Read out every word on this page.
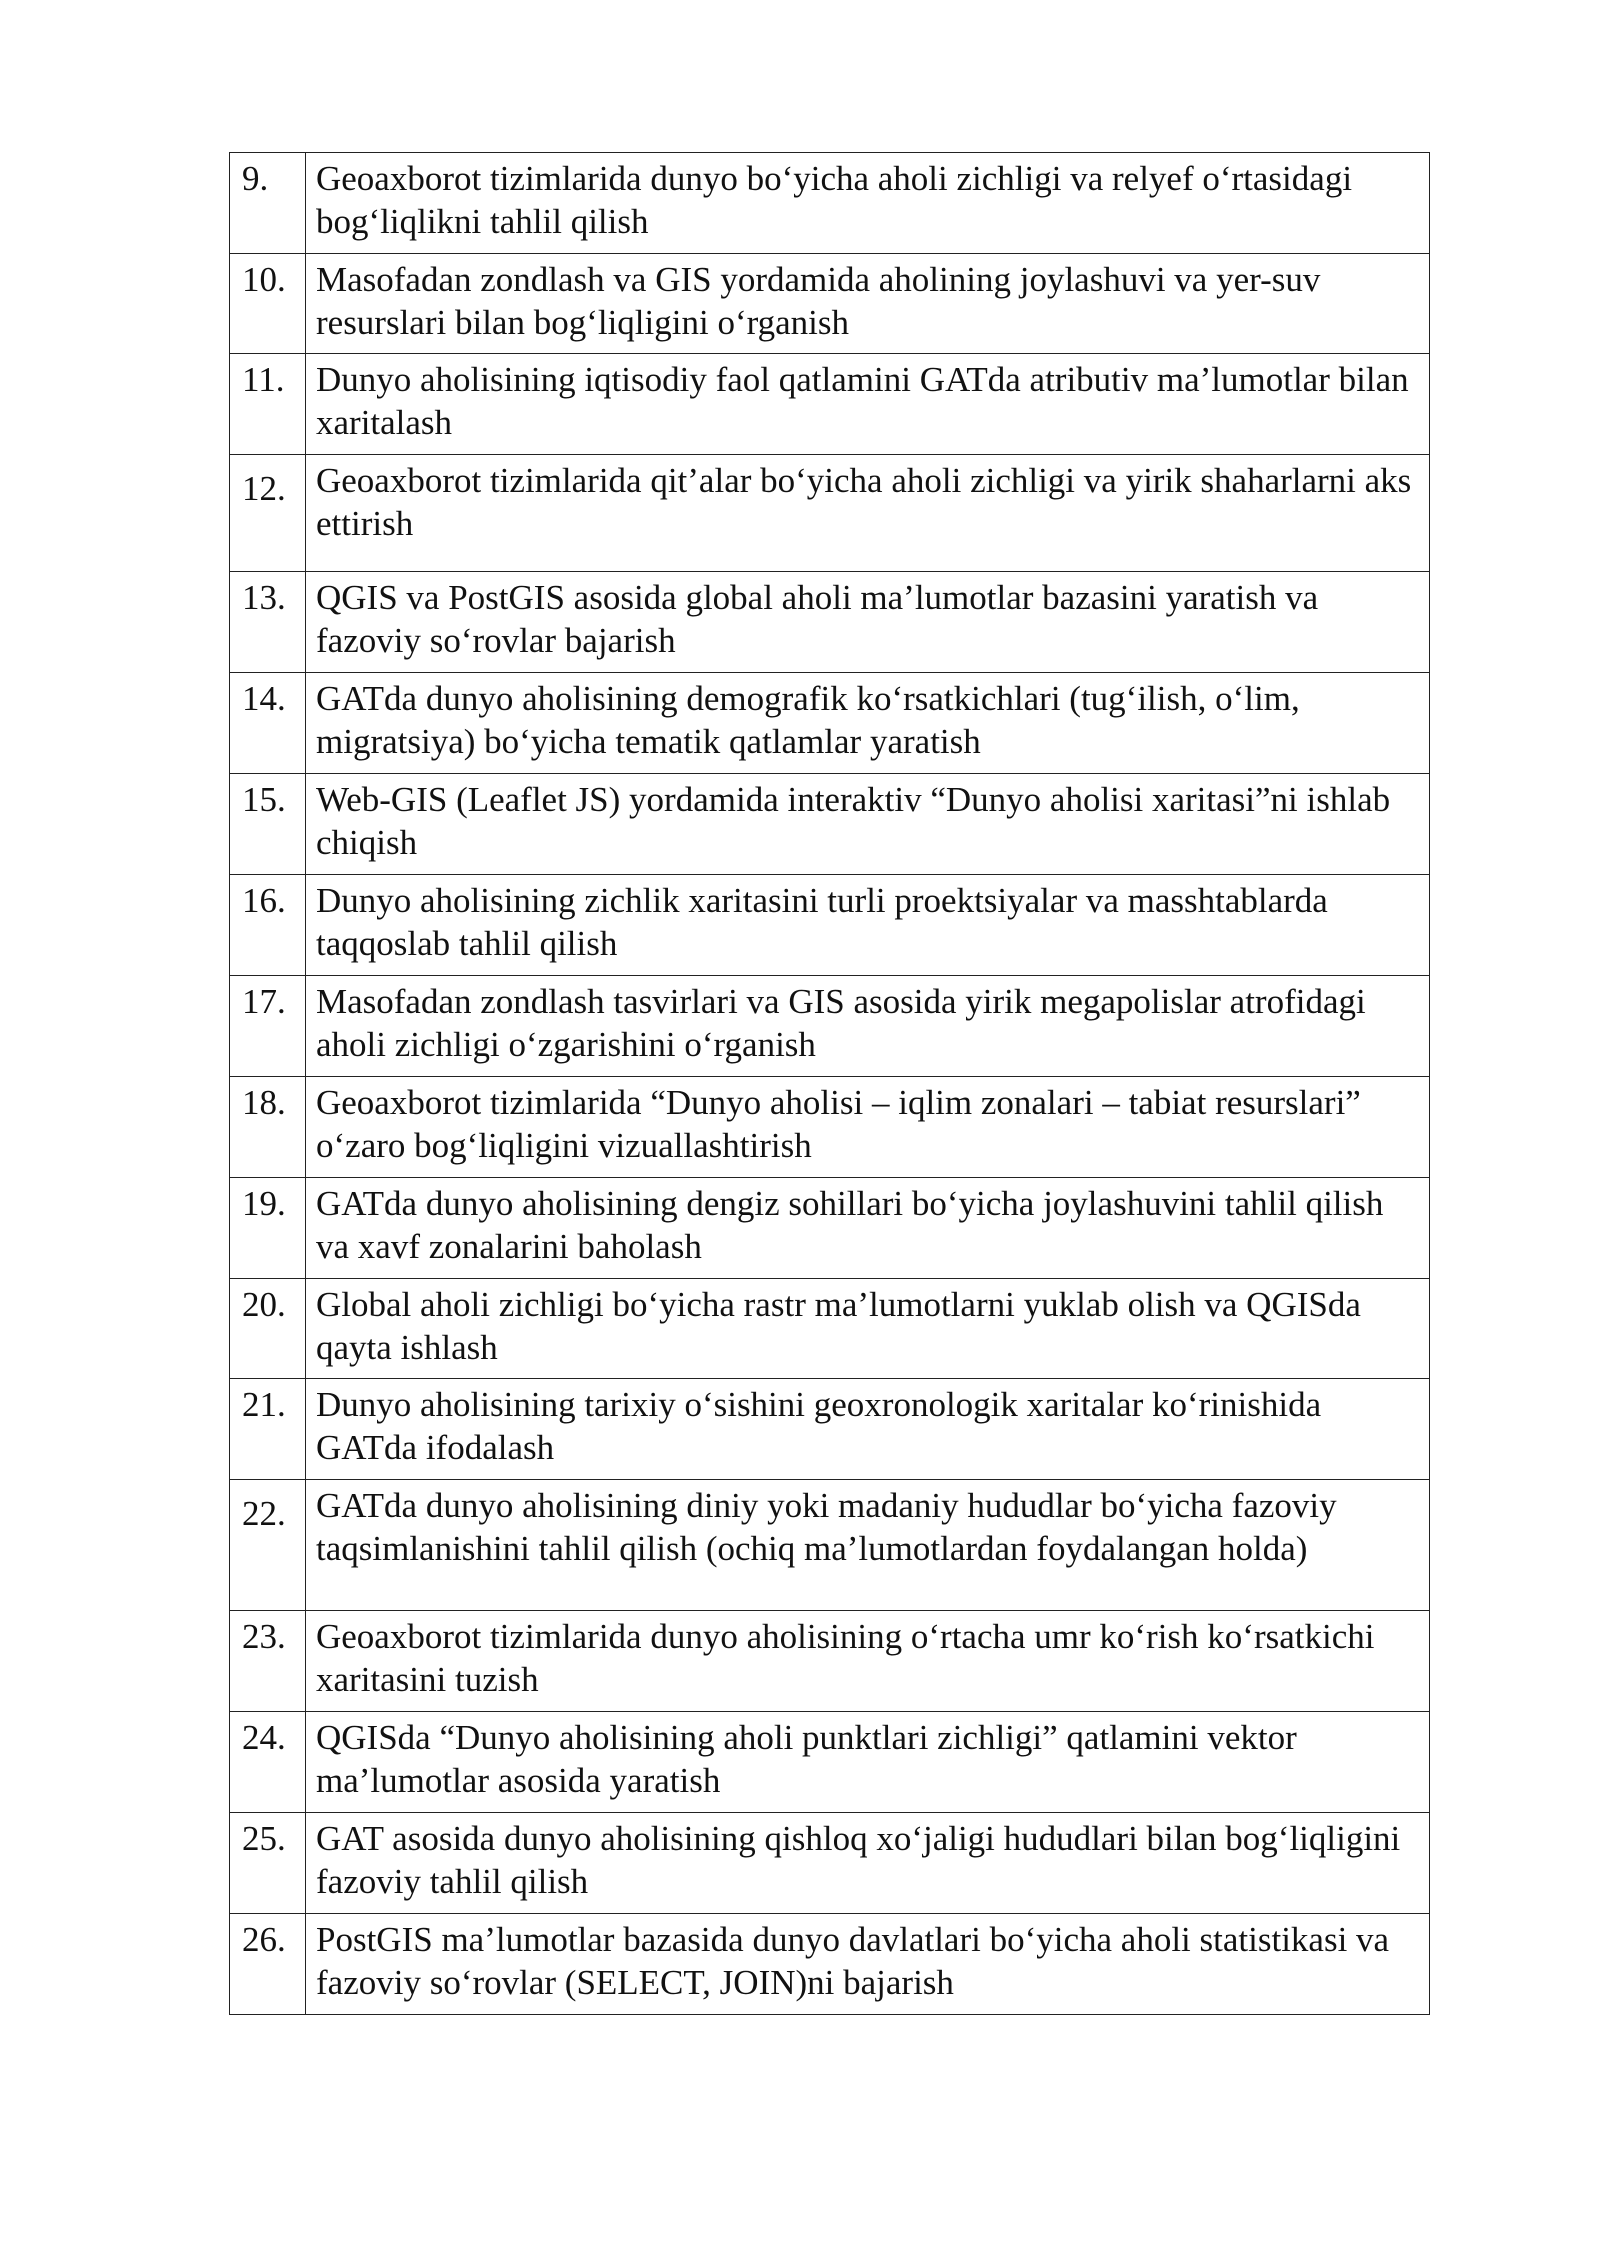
9.	Geoaxborot tizimlarida dunyo bo‘yicha aholi zichligi va relyef o‘rtasidagi bog‘liqlikni tahlil qilish
10.	Masofadan zondlash va GIS yordamida aholining joylashuvi va yer-suv resurslari bilan bog‘liqligini o‘rganish
11.	Dunyo aholisining iqtisodiy faol qatlamini GATda atributiv ma’lumotlar bilan xaritalash
12.	Geoaxborot tizimlarida qit’alar bo‘yicha aholi zichligi va yirik shaharlarni aks ettirish
13.	QGIS va PostGIS asosida global aholi ma’lumotlar bazasini yaratish va fazoviy so‘rovlar bajarish
14.	GATda dunyo aholisining demografik ko‘rsatkichlari (tug‘ilish, o‘lim, migratsiya) bo‘yicha tematik qatlamlar yaratish
15.	Web-GIS (Leaflet JS) yordamida interaktiv “Dunyo aholisi xaritasi”ni ishlab chiqish
16.	Dunyo aholisining zichlik xaritasini turli proektsiyalar va masshtablarda taqqoslab tahlil qilish
17.	Masofadan zondlash tasvirlari va GIS asosida yirik megapolislar atrofidagi aholi zichligi o‘zgarishini o‘rganish
18.	Geoaxborot tizimlarida “Dunyo aholisi – iqlim zonalari – tabiat resurslari” o‘zaro bog‘liqligini vizuallashtirish
19.	GATda dunyo aholisining dengiz sohillari bo‘yicha joylashuvini tahlil qilish va xavf zonalarini baholash
20.	Global aholi zichligi bo‘yicha rastr ma’lumotlarni yuklab olish va QGISda qayta ishlash
21.	Dunyo aholisining tarixiy o‘sishini geoxronologik xaritalar ko‘rinishida GATda ifodalash
22.	GATda dunyo aholisining diniy yoki madaniy hududlar bo‘yicha fazoviy taqsimlanishini tahlil qilish (ochiq ma’lumotlardan foydalangan holda)
23.	Geoaxborot tizimlarida dunyo aholisining o‘rtacha umr ko‘rish ko‘rsatkichi xaritasini tuzish
24.	QGISda “Dunyo aholisining aholi punktlari zichligi” qatlamini vektor ma’lumotlar asosida yaratish
25.	GAT asosida dunyo aholisining qishloq xo‘jaligi hududlari bilan bog‘liqligini fazoviy tahlil qilish
26.	PostGIS ma’lumotlar bazasida dunyo davlatlari bo‘yicha aholi statistikasi va fazoviy so‘rovlar (SELECT, JOIN)ni bajarish
